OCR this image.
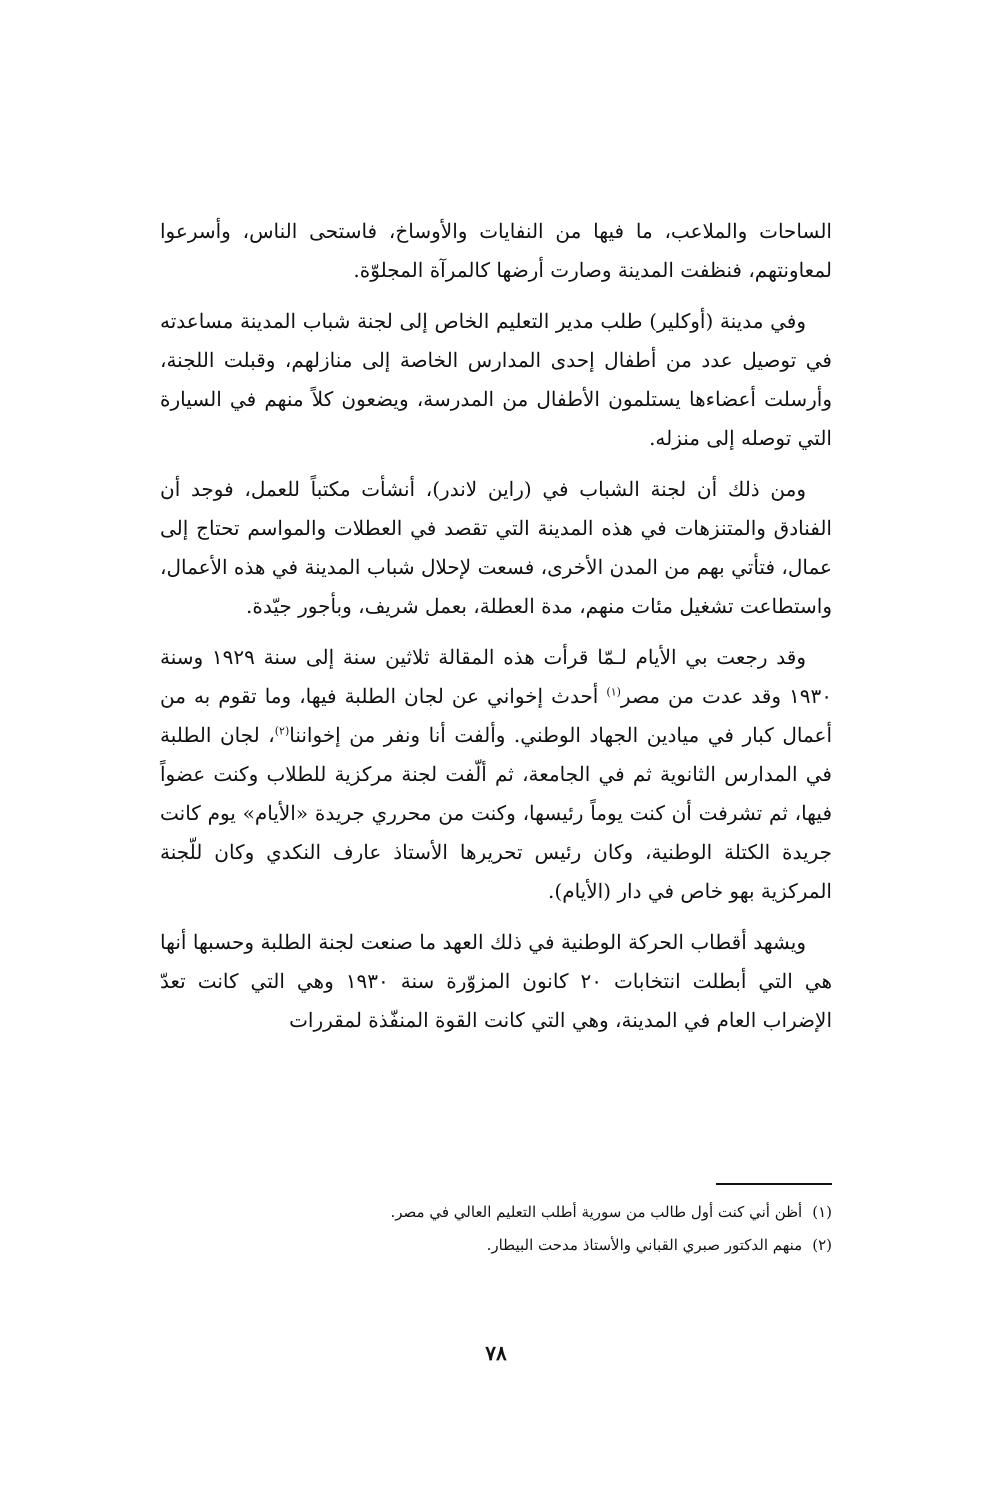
الساحات والملاعب، ما فيها من النفايات والأوساخ، فاستحى الناس، وأسرعوا لمعاونتهم، فنظفت المدينة وصارت أرضها كالمرآة المجلوّة.

وفي مدينة (أوكلير) طلب مدير التعليم الخاص إلى لجنة شباب المدينة مساعدته في توصيل عدد من أطفال إحدى المدارس الخاصة إلى منازلهم، وقبلت اللجنة، وأرسلت أعضاءها يستلمون الأطفال من المدرسة، ويضعون كلاً منهم في السيارة التي توصله إلى منزله.

ومن ذلك أن لجنة الشباب في (راين لاندر)، أنشأت مكتباً للعمل، فوجد أن الفنادق والمتنزهات في هذه المدينة التي تقصد في العطلات والمواسم تحتاج إلى عمال، فتأتي بهم من المدن الأخرى، فسعت لإحلال شباب المدينة في هذه الأعمال، واستطاعت تشغيل مئات منهم، مدة العطلة، بعمل شريف، وبأجور جيّدة.

وقد رجعت بي الأيام لـمّا قرأت هذه المقالة ثلاثين سنة إلى سنة ١٩٢٩ وسنة ١٩٣٠ وقد عدت من مصر$^{(١)}$ أحدث إخواني عن لجان الطلبة فيها، وما تقوم به من أعمال كبار في ميادين الجهاد الوطني. وألفت أنا ونفر من إخواننا$^{(٢)}$، لجان الطلبة في المدارس الثانوية ثم في الجامعة، ثم ألّفت لجنة مركزية للطلاب وكنت عضواً فيها، ثم تشرفت أن كنت يوماً رئيسها، وكنت من محرري جريدة «الأيام» يوم كانت جريدة الكتلة الوطنية، وكان رئيس تحريرها الأستاذ عارف النكدي وكان للّجنة المركزية بهو خاص في دار (الأيام).

ويشهد أقطاب الحركة الوطنية في ذلك العهد ما صنعت لجنة الطلبة وحسبها أنها هي التي أبطلت انتخابات ٢٠ كانون المزوّرة سنة ١٩٣٠ وهي التي كانت تعدّ الإضراب العام في المدينة، وهي التي كانت القوة المنفّذة لمقررات

(١)أظن أني كنت أول طالب من سورية أطلب التعليم العالي في مصر.

(٢)منهم الدكتور صبري القباني والأستاذ مدحت البيطار.

٧٨
